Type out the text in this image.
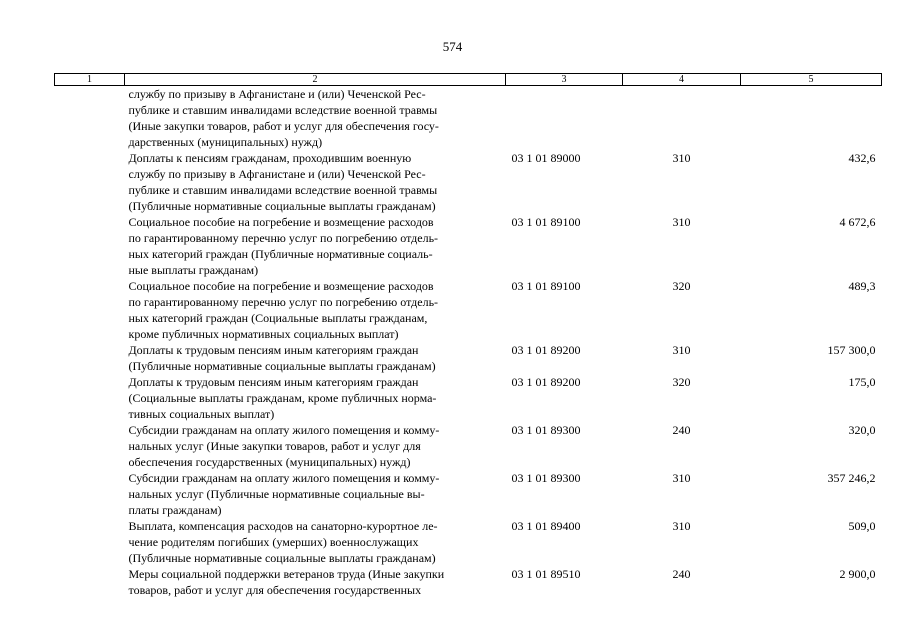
574
1	2	3	4	5
	службу по призыву в Афганистане и (или) Чеченской Рес-
публике и ставшим инвалидами вследствие военной травмы
(Иные закупки товаров, работ и услуг для обеспечения госу-
дарственных (муниципальных) нужд)			
	Доплаты к пенсиям гражданам, проходившим военную
службу по призыву в Афганистане и (или) Чеченской Рес-
публике и ставшим инвалидами вследствие военной травмы
(Публичные нормативные социальные выплаты гражданам)	03 1 01 89000	310	432,6
	Социальное пособие на погребение и возмещение расходов
по гарантированному перечню услуг по погребению отдель-
ных категорий граждан (Публичные нормативные социаль-
ные выплаты гражданам)	03 1 01 89100	310	4 672,6
	Социальное пособие на погребение и возмещение расходов
по гарантированному перечню услуг по погребению отдель-
ных категорий граждан (Социальные выплаты гражданам,
кроме публичных нормативных социальных выплат)	03 1 01 89100	320	489,3
	Доплаты к трудовым пенсиям иным категориям граждан
(Публичные нормативные социальные выплаты гражданам)	03 1 01 89200	310	157 300,0
	Доплаты к трудовым пенсиям иным категориям граждан
(Социальные выплаты гражданам, кроме публичных норма-
тивных социальных выплат)	03 1 01 89200	320	175,0
	Субсидии гражданам на оплату жилого помещения и комму-
нальных услуг (Иные закупки товаров, работ и услуг для
обеспечения государственных (муниципальных) нужд)	03 1 01 89300	240	320,0
	Субсидии гражданам на оплату жилого помещения и комму-
нальных услуг (Публичные нормативные социальные вы-
платы гражданам)	03 1 01 89300	310	357 246,2
	Выплата, компенсация расходов на санаторно-курортное ле-
чение родителям погибших (умерших) военнослужащих
(Публичные нормативные социальные выплаты гражданам)	03 1 01 89400	310	509,0
	Меры социальной поддержки ветеранов труда (Иные закупки
товаров, работ и услуг для обеспечения государственных	03 1 01 89510	240	2 900,0
